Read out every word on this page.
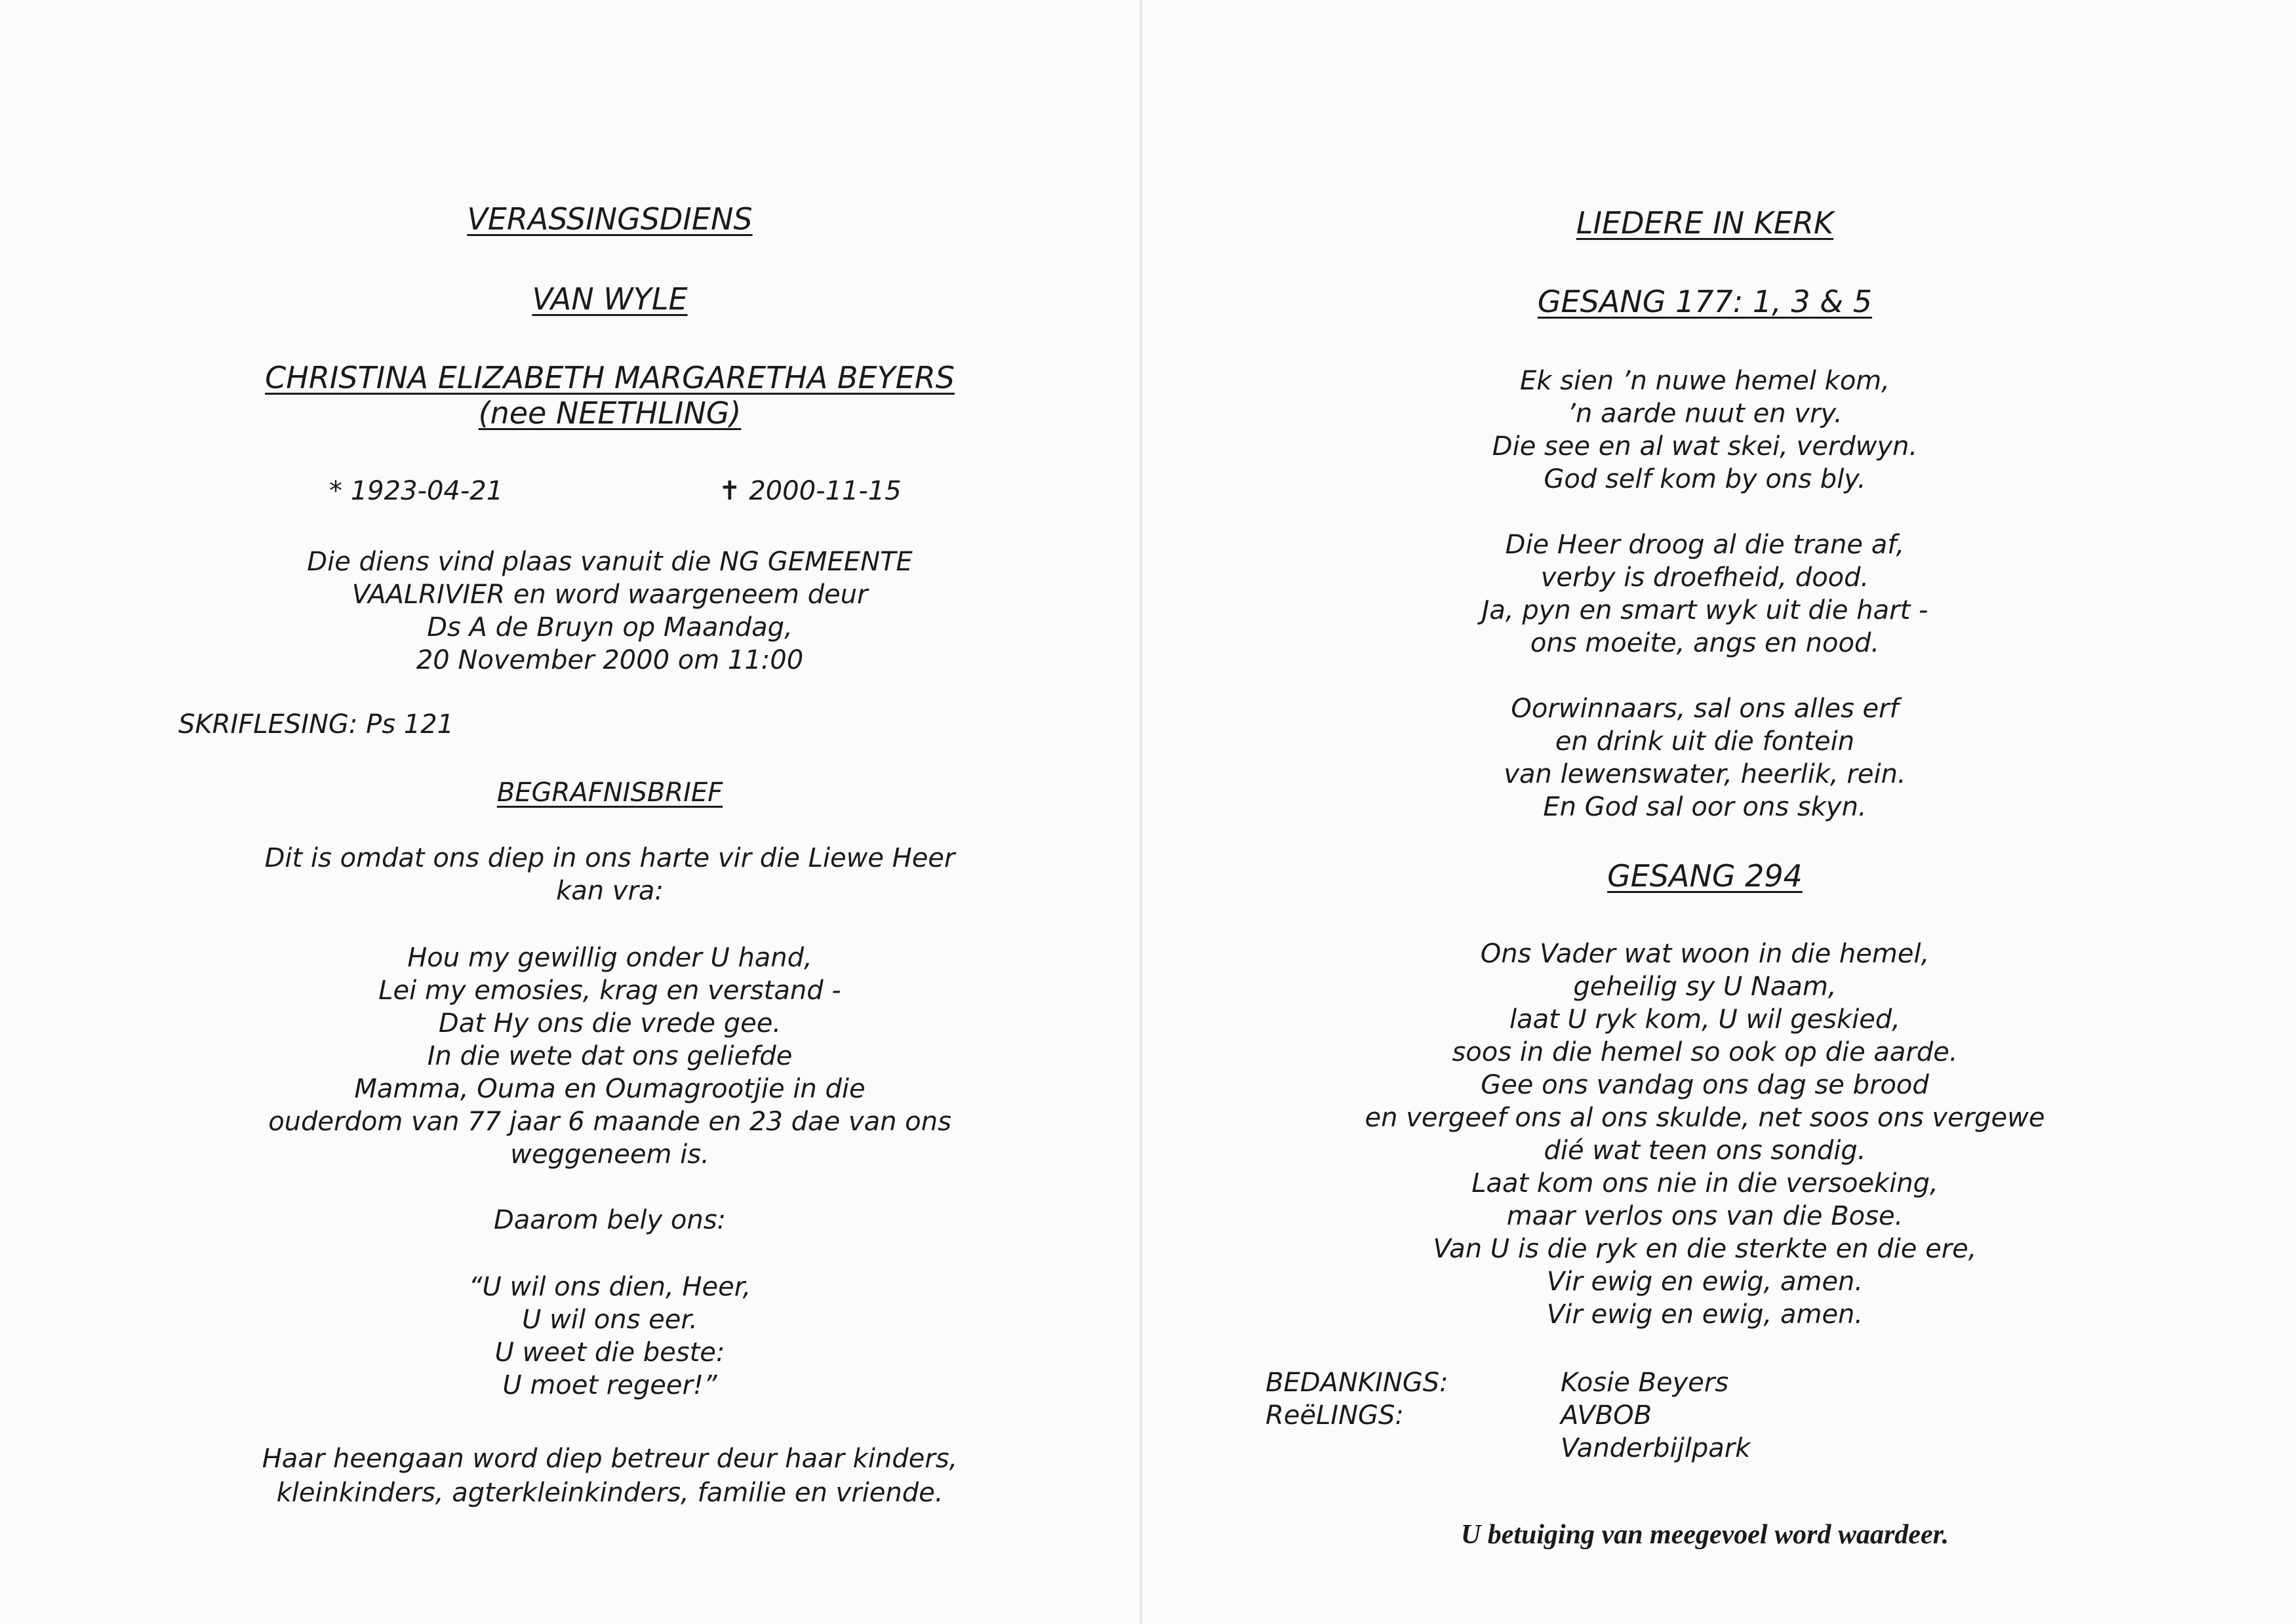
VERASSINGSDIENS
VAN WYLE
CHRISTINA ELIZABETH MARGARETHA BEYERS
(nee NEETHLING)
* 1923-04-21	✝ 2000-11-15
Die diens vind plaas vanuit die NG GEMEENTE
VAALRIVIER en word waargeneem deur
Ds A de Bruyn op Maandag,
20 November 2000 om 11:00
SKRIFLESING: Ps 121
BEGRAFNISBRIEF
Dit is omdat ons diep in ons harte vir die Liewe Heer
kan vra:
Hou my gewillig onder U hand,
Lei my emosies, krag en verstand -
Dat Hy ons die vrede gee.
In die wete dat ons geliefde
Mamma, Ouma en Oumagrootjie in die
ouderdom van 77 jaar 6 maande en 23 dae van ons
weggeneem is.
Daarom bely ons:
“U wil ons dien, Heer,
U wil ons eer.
U weet die beste:
U moet regeer!”
Haar heengaan word diep betreur deur haar kinders,
kleinkinders, agterkleinkinders, familie en vriende.
LIEDERE IN KERK
GESANG 177: 1, 3 & 5
Ek sien ’n nuwe hemel kom,
’n aarde nuut en vry.
Die see en al wat skei, verdwyn.
God self kom by ons bly.
Die Heer droog al die trane af,
verby is droefheid, dood.
Ja, pyn en smart wyk uit die hart -
ons moeite, angs en nood.
Oorwinnaars, sal ons alles erf
en drink uit die fontein
van lewenswater, heerlik, rein.
En God sal oor ons skyn.
GESANG 294
Ons Vader wat woon in die hemel,
geheilig sy U Naam,
laat U ryk kom, U wil geskied,
soos in die hemel so ook op die aarde.
Gee ons vandag ons dag se brood
en vergeef ons al ons skulde, net soos ons vergewe
dié wat teen ons sondig.
Laat kom ons nie in die versoeking,
maar verlos ons van die Bose.
Van U is die ryk en die sterkte en die ere,
Vir ewig en ewig, amen.
Vir ewig en ewig, amen.
BEDANKINGS:	Kosie Beyers
ReëLINGS:	AVBOB
Vanderbijlpark
U betuiging van meegevoel word waardeer.
